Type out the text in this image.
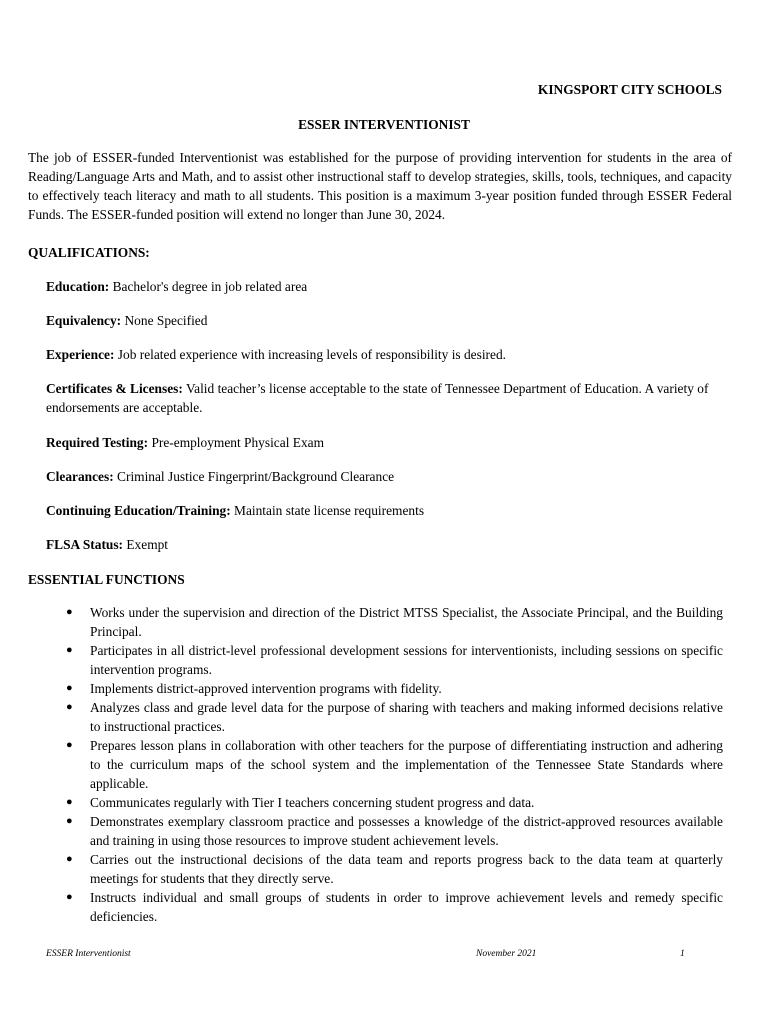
KINGSPORT CITY SCHOOLS
ESSER INTERVENTIONIST

The job of ESSER-funded Interventionist was established for the purpose of providing intervention for students in the area of Reading/Language Arts and Math, and to assist other instructional staff to develop strategies, skills, tools, techniques, and capacity to effectively teach literacy and math to all students. This position is a maximum 3-year position funded through ESSER Federal Funds. The ESSER-funded position will extend no longer than June 30, 2024.

QUALIFICATIONS:

Education: Bachelor's degree in job related area

Equivalency: None Specified

Experience: Job related experience with increasing levels of responsibility is desired.

Certificates & Licenses: Valid teacher’s license acceptable to the state of Tennessee Department of Education. A variety of endorsements are acceptable.

Required Testing: Pre-employment Physical Exam

Clearances: Criminal Justice Fingerprint/Background Clearance

Continuing Education/Training: Maintain state license requirements

FLSA Status: Exempt

ESSENTIAL FUNCTIONS
● Works under the supervision and direction of the District MTSS Specialist, the Associate Principal, and the Building Principal.
● Participates in all district-level professional development sessions for interventionists, including sessions on specific intervention programs.
● Implements district-approved intervention programs with fidelity.
● Analyzes class and grade level data for the purpose of sharing with teachers and making informed decisions relative to instructional practices.
● Prepares lesson plans in collaboration with other teachers for the purpose of differentiating instruction and adhering to the curriculum maps of the school system and the implementation of the Tennessee State Standards where applicable.
● Communicates regularly with Tier I teachers concerning student progress and data.
● Demonstrates exemplary classroom practice and possesses a knowledge of the district-approved resources available and training in using those resources to improve student achievement levels.
● Carries out the instructional decisions of the data team and reports progress back to the data team at quarterly meetings for students that they directly serve.
● Instructs individual and small groups of students in order to improve achievement levels and remedy specific deficiencies.
ESSER Interventionist	November 2021	1
